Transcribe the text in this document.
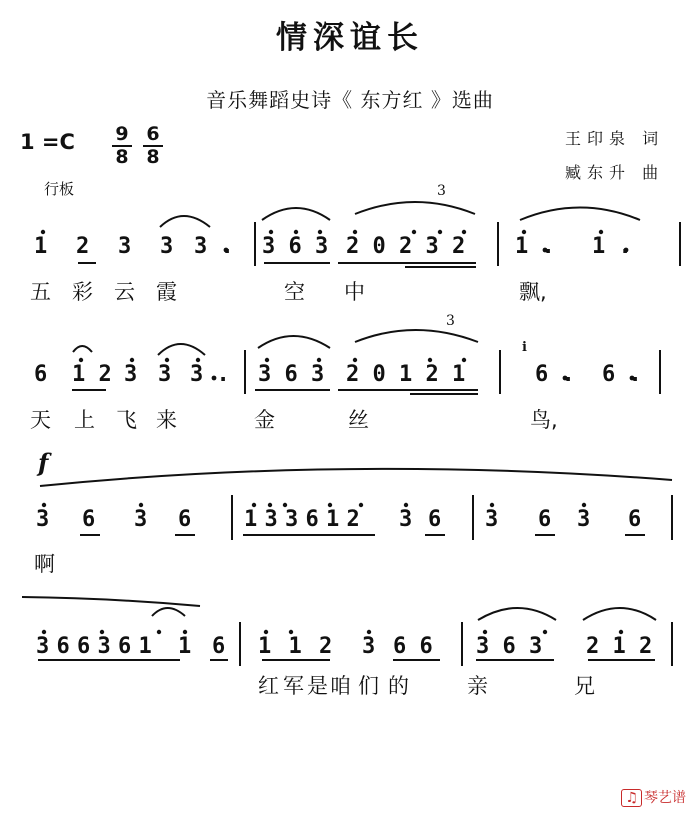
情深谊长
音乐舞蹈史诗《 东方红 》选曲
1 =C 9
8
6
8
行板
王印泉 词
臧东升 曲
3
3
1 2 3 3 3 . 3 6 3 2 0 2 3 2 1 . 1 .
五 彩 云 霞	空 中	飘,
6 1 2 3 3 3 . 3 6 3 2 0 1 2 1	6 . 6 .
i
天 上 飞 来	金	丝	鸟,
f
3 6 3 6 1 3 3 6 1 2 3 6 3 6 3 6
啊
3 6 6 3 6 1 1 6 1 1 2 3 6 6 3 6 3 2 1 2
红 军 是 咱 们 的	亲	兄
♫ 琴艺谱
